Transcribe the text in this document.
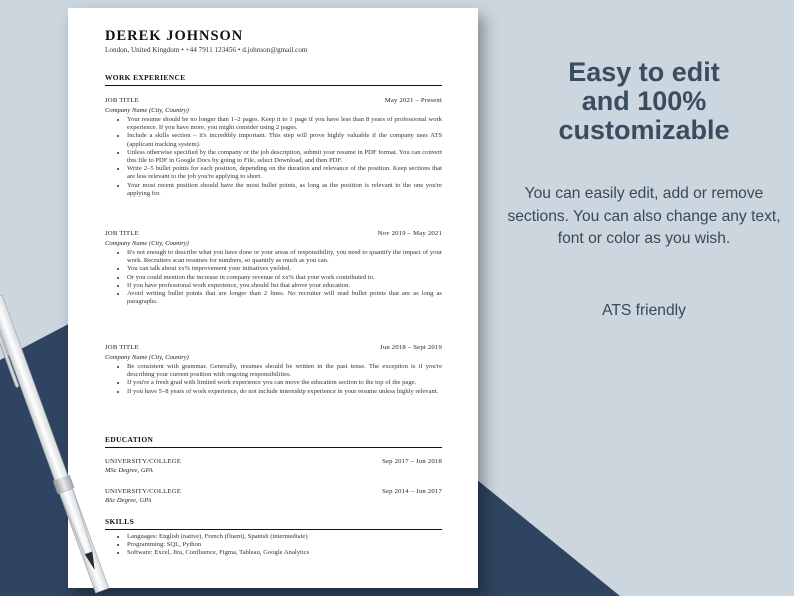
DEREK JOHNSON
London, United Kingdom • +44 7911 123456 • d.johnson@gmail.com
WORK EXPERIENCE
JOB TITLE	May 2021 – Present
Company Name (City, Country)
• Your resume should be no longer than 1–2 pages. Keep it to 1 page if you have less than 8 years of professional work experience. If you have more, you might consider using 2 pages.
• Include a skills section – it's incredibly important. This step will prove highly valuable if the company uses ATS (applicant tracking system).
• Unless otherwise specified by the company or the job description, submit your resume in PDF format. You can convert this file to PDF in Google Docs by going to File, select Download, and then PDF.
• Write 2–5 bullet points for each position, depending on the duration and relevance of the position. Keep sections that are less relevant to the job you're applying to short.
• Your most recent position should have the most bullet points, as long as the position is relevant to the one you're applying for.
JOB TITLE	Nov 2019 – May 2021
Company Name (City, Country)
• It's not enough to describe what you have done or your areas of responsibility, you need to quantify the impact of your work. Recruiters scan resumes for numbers, so quantify as much as you can.
• You can talk about xx% improvement your initiatives yielded.
• Or you could mention the increase in company revenue of xx% that your work contributed to.
• If you have professional work experience, you should list that above your education.
• Avoid writing bullet points that are longer than 2 lines. No recruiter will read bullet points that are as long as paragraphs.
JOB TITLE	Jun 2018 – Sept 2019
Company Name (City, Country)
• Be consistent with grammar. Generally, resumes should be written in the past tense. The exception is if you're describing your current position with ongoing responsibilities.
• If you're a fresh grad with limited work experience you can move the education section to the top of the page.
• If you have 5–8 years of work experience, do not include internship experience in your resume unless highly relevant.
EDUCATION
UNIVERSITY/COLLEGE	Sep 2017 – Jun 2018
MSc Degree, GPA
UNIVERSITY/COLLEGE	Sep 2014 – Jun 2017
BSc Degree, GPA
SKILLS
• Languages: English (native), French (fluent), Spanish (intermediate)
• Programming: SQL, Python
• Software: Excel, Jira, Confluence, Figma, Tableau, Google Analytics
Easy to edit
and 100%
customizable
You can easily edit, add or remove sections. You can also change any text, font or color as you wish.
ATS friendly
